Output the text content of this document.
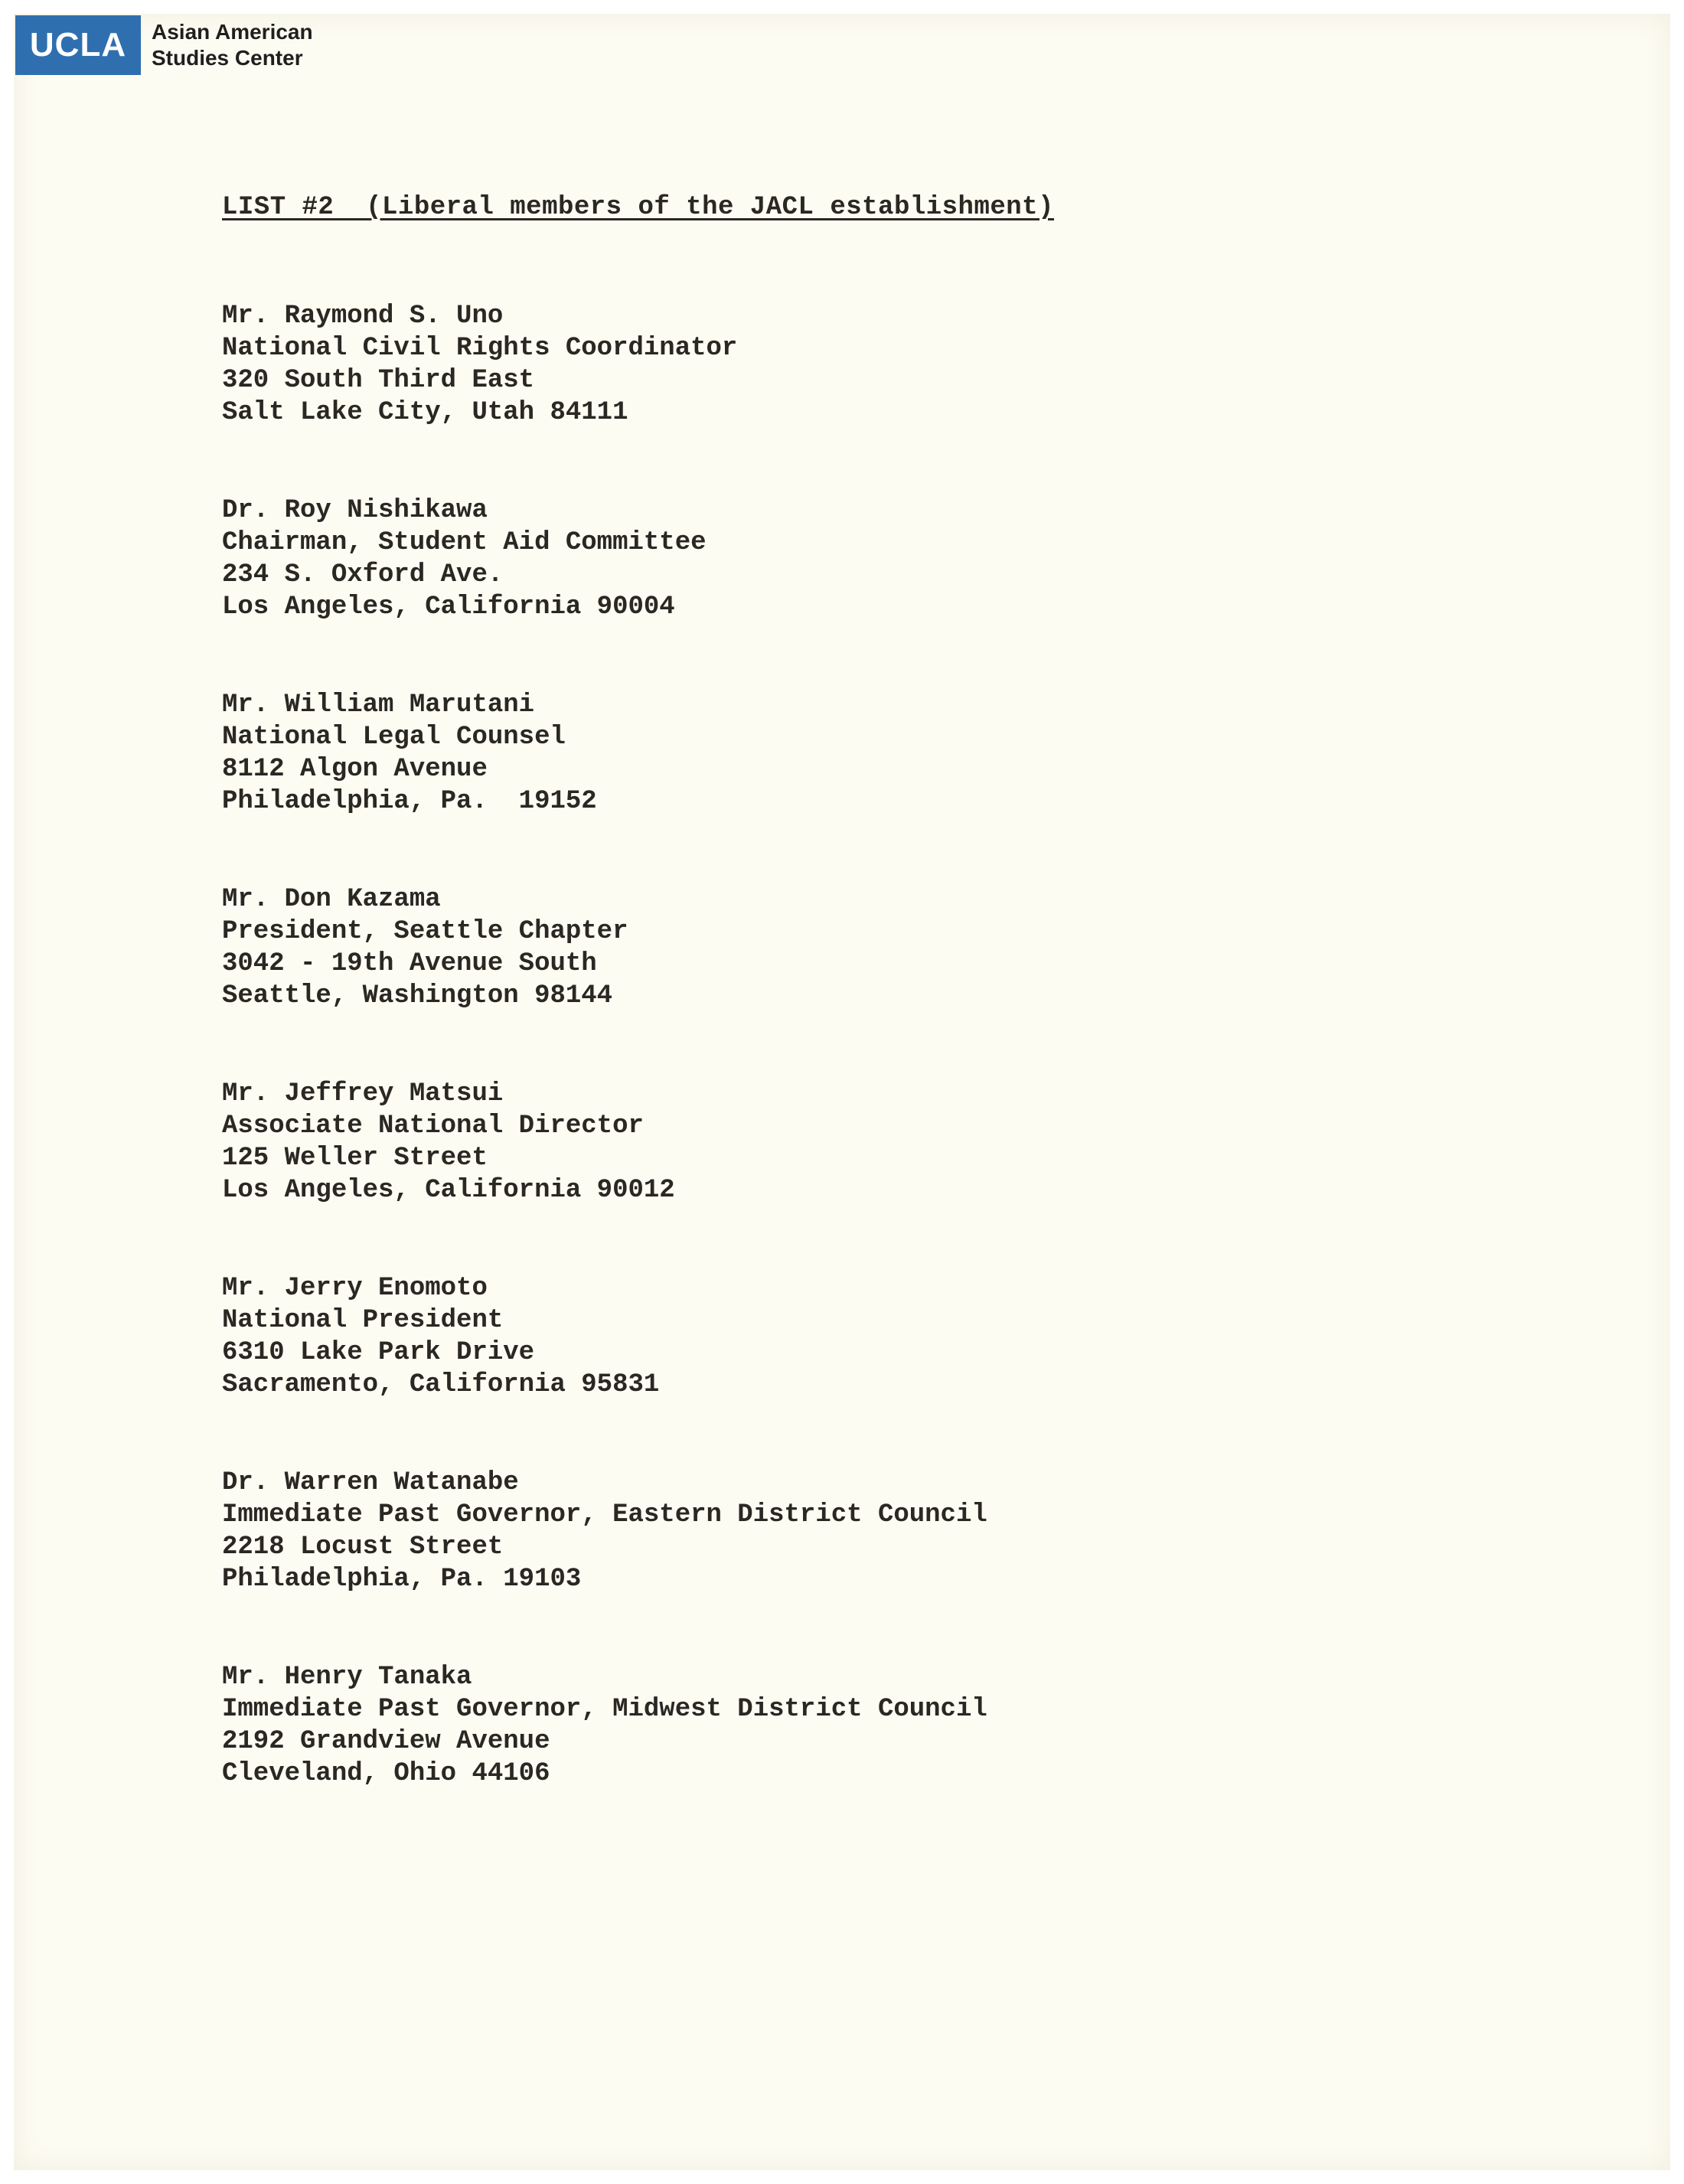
UCLA	Asian American
Studies Center
LIST #2  (Liberal members of the JACL establishment)
Mr. Raymond S. Uno
National Civil Rights Coordinator
320 South Third East
Salt Lake City, Utah 84111
Dr. Roy Nishikawa
Chairman, Student Aid Committee
234 S. Oxford Ave.
Los Angeles, California 90004
Mr. William Marutani
National Legal Counsel
8112 Algon Avenue
Philadelphia, Pa.  19152
Mr. Don Kazama
President, Seattle Chapter
3042 - 19th Avenue South
Seattle, Washington 98144
Mr. Jeffrey Matsui
Associate National Director
125 Weller Street
Los Angeles, California 90012
Mr. Jerry Enomoto
National President
6310 Lake Park Drive
Sacramento, California 95831
Dr. Warren Watanabe
Immediate Past Governor, Eastern District Council
2218 Locust Street
Philadelphia, Pa. 19103
Mr. Henry Tanaka
Immediate Past Governor, Midwest District Council
2192 Grandview Avenue
Cleveland, Ohio 44106
